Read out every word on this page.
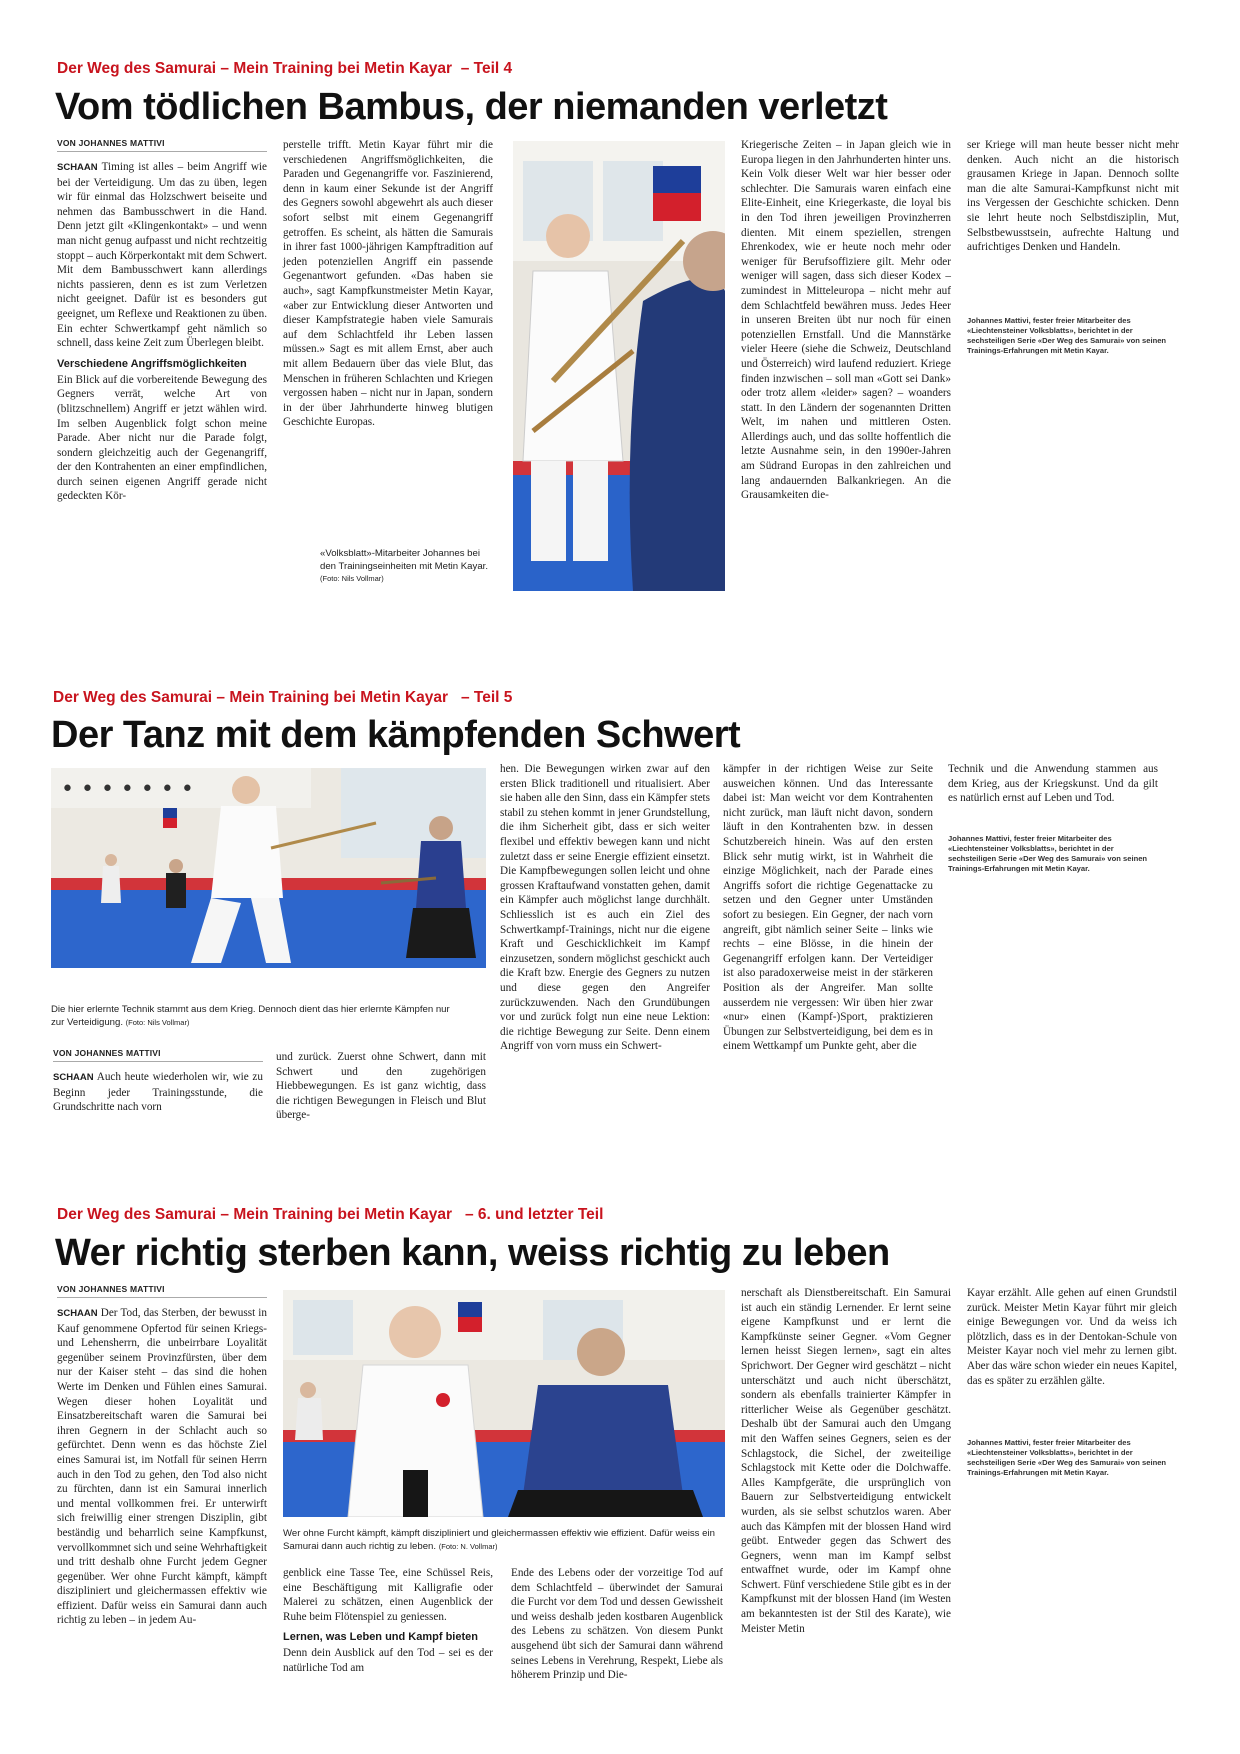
Der Weg des Samurai – Mein Training bei Metin Kayar – Teil 4
Vom tödlichen Bambus, der niemanden verletzt
VON JOHANNES MATTIVI

SCHAAN Timing ist alles – beim Angriff wie bei der Verteidigung. Um das zu üben, legen wir für einmal das Holzschwert beiseite und nehmen das Bambusschwert in die Hand. Denn jetzt gilt «Klingenkontakt» – und wenn man nicht genug aufpasst und nicht rechtzeitig stoppt – auch Körperkontakt mit dem Schwert. Mit dem Bambusschwert kann allerdings nichts passieren, denn es ist zum Verletzen nicht geeignet. Dafür ist es besonders gut geeignet, um Reflexe und Reaktionen zu üben. Ein echter Schwertkampf geht nämlich so schnell, dass keine Zeit zum Überlegen bleibt.

Verschiedene Angriffsmöglichkeiten

Ein Blick auf die vorbereitende Bewegung des Gegners verrät, welche Art von (blitzschnellem) Angriff er jetzt wählen wird. Im selben Augenblick folgt schon meine Parade. Aber nicht nur die Parade folgt, sondern gleichzeitig auch der Gegenangriff, der den Kontrahenten an einer empfindlichen, durch seinen eigenen Angriff gerade nicht gedeckten Kör-

perstelle trifft. Metin Kayar führt mir die verschiedenen Angriffsmöglichkeiten, die Paraden und Gegenangriffe vor. Faszinierend, denn in kaum einer Sekunde ist der Angriff des Gegners sowohl abgewehrt als auch dieser sofort selbst mit einem Gegenangriff getroffen. Es scheint, als hätten die Samurais in ihrer fast 1000-jährigen Kampftradition auf jeden potenziellen Angriff ein passende Gegenantwort gefunden. «Das haben sie auch», sagt Kampfkunstmeister Metin Kayar, «aber zur Entwicklung dieser Antworten und dieser Kampfstrategie haben viele Samurais auf dem Schlachtfeld ihr Leben lassen müssen.» Sagt es mit allem Ernst, aber auch mit allem Bedauern über das viele Blut, das Menschen in früheren Schlachten und Kriegen vergossen haben – nicht nur in Japan, sondern in der über Jahrhunderte hinweg blutigen Geschichte Europas.
«Volksblatt»-Mitarbeiter Johannes bei den Trainingseinheiten mit Metin Kayar. (Foto: Nils Vollmar)
Kriegerische Zeiten – in Japan gleich wie in Europa liegen in den Jahrhunderten hinter uns. Kein Volk dieser Welt war hier besser oder schlechter. Die Samurais waren einfach eine Elite-Einheit, eine Kriegerkaste, die loyal bis in den Tod ihren jeweiligen Provinzherren dienten. Mit einem speziellen, strengen Ehrenkodex, wie er heute noch mehr oder weniger für Berufsoffiziere gilt. Mehr oder weniger will sagen, dass sich dieser Kodex – zumindest in Mitteleuropa – nicht mehr auf dem Schlachtfeld bewähren muss. Jedes Heer in unseren Breiten übt nur noch für einen potenziellen Ernstfall. Und die Mannstärke vieler Heere (siehe die Schweiz, Deutschland und Österreich) wird laufend reduziert. Kriege finden inzwischen – soll man «Gott sei Dank» oder trotz allem «leider» sagen? – woanders statt. In den Ländern der sogenannten Dritten Welt, im nahen und mittleren Osten. Allerdings auch, und das sollte hoffentlich die letzte Ausnahme sein, in den 1990er-Jahren am Südrand Europas in den zahlreichen und lang andauernden Balkankriegen. An die Grausamkeiten die-
ser Kriege will man heute besser nicht mehr denken. Auch nicht an die historisch grausamen Kriege in Japan. Dennoch sollte man die alte Samurai-Kampfkunst nicht mit ins Vergessen der Geschichte schicken. Denn sie lehrt heute noch Selbstdisziplin, Mut, Selbstbewusstsein, aufrechte Haltung und aufrichtiges Denken und Handeln.
Johannes Mattivi, fester freier Mitarbeiter des «Liechtensteiner Volksblatts», berichtet in der sechsteiligen Serie «Der Weg des Samurai» von seinen Trainings-Erfahrungen mit Metin Kayar.
Der Weg des Samurai – Mein Training bei Metin Kayar – Teil 5
Der Tanz mit dem kämpfenden Schwert
• • • • • • •
Die hier erlernte Technik stammt aus dem Krieg. Dennoch dient das hier erlernte Kämpfen nur zur Verteidigung. (Foto: Nils Vollmar)
VON JOHANNES MATTIVI

SCHAAN Auch heute wiederholen wir, wie zu Beginn jeder Trainingsstunde, die Grundschritte nach vorn

und zurück. Zuerst ohne Schwert, dann mit Schwert und den zugehörigen Hiebbewegungen. Es ist ganz wichtig, dass die richtigen Bewegungen in Fleisch und Blut überge-
hen. Die Bewegungen wirken zwar auf den ersten Blick traditionell und ritualisiert. Aber sie haben alle den Sinn, dass ein Kämpfer stets stabil zu stehen kommt in jener Grundstellung, die ihm Sicherheit gibt, dass er sich weiter flexibel und effektiv bewegen kann und nicht zuletzt dass er seine Energie effizient einsetzt. Die Kampfbewegungen sollen leicht und ohne grossen Kraftaufwand vonstatten gehen, damit ein Kämpfer auch möglichst lange durchhält. Schliesslich ist es auch ein Ziel des Schwertkampf-Trainings, nicht nur die eigene Kraft und Geschicklichkeit im Kampf einzusetzen, sondern möglichst geschickt auch die Kraft bzw. Energie des Gegners zu nutzen und diese gegen den Angreifer zurückzuwenden. Nach den Grundübungen vor und zurück folgt nun eine neue Lektion: die richtige Bewegung zur Seite. Denn einem Angriff von vorn muss ein Schwert-
kämpfer in der richtigen Weise zur Seite ausweichen können. Und das Interessante dabei ist: Man weicht vor dem Kontrahenten nicht zurück, man läuft nicht davon, sondern läuft in den Kontrahenten bzw. in dessen Schutzbereich hinein. Was auf den ersten Blick sehr mutig wirkt, ist in Wahrheit die einzige Möglichkeit, nach der Parade eines Angriffs sofort die richtige Gegenattacke zu setzen und den Gegner unter Umständen sofort zu besiegen. Ein Gegner, der nach vorn angreift, gibt nämlich seiner Seite – links wie rechts – eine Blösse, in die hinein der Gegenangriff erfolgen kann. Der Verteidiger ist also paradoxerweise meist in der stärkeren Position als der Angreifer. Man sollte ausserdem nie vergessen: Wir üben hier zwar «nur» einen (Kampf-)Sport, praktizieren Übungen zur Selbstverteidigung, bei dem es in einem Wettkampf um Punkte geht, aber die
Technik und die Anwendung stammen aus dem Krieg, aus der Kriegskunst. Und da gilt es natürlich ernst auf Leben und Tod.
Johannes Mattivi, fester freier Mitarbeiter des «Liechtensteiner Volksblatts», berichtet in der sechsteiligen Serie «Der Weg des Samurai» von seinen Trainings-Erfahrungen mit Metin Kayar.
Der Weg des Samurai – Mein Training bei Metin Kayar – 6. und letzter Teil
Wer richtig sterben kann, weiss richtig zu leben
VON JOHANNES MATTIVI

SCHAAN Der Tod, das Sterben, der bewusst in Kauf genommene Opfertod für seinen Kriegs- und Lehensherrn, die unbeirrbare Loyalität gegenüber seinem Provinzfürsten, über dem nur der Kaiser steht – das sind die hohen Werte im Denken und Fühlen eines Samurai. Wegen dieser hohen Loyalität und Einsatzbereitschaft waren die Samurai bei ihren Gegnern in der Schlacht auch so gefürchtet. Denn wenn es das höchste Ziel eines Samurai ist, im Notfall für seinen Herrn auch in den Tod zu gehen, den Tod also nicht zu fürchten, dann ist ein Samurai innerlich und mental vollkommen frei. Er unterwirft sich freiwillig einer strengen Disziplin, gibt beständig und beharrlich seine Kampfkunst, vervollkommnet sich und seine Wehrhaftigkeit und tritt deshalb ohne Furcht jedem Gegner gegenüber. Wer ohne Furcht kämpft, kämpft diszipliniert und gleichermassen effektiv wie effizient. Dafür weiss ein Samurai dann auch richtig zu leben – in jedem Au-

Wer ohne Furcht kämpft, kämpft diszipliniert und gleichermassen effektiv wie effizient. Dafür weiss ein Samurai dann auch richtig zu leben. (Foto: N. Vollmar)
genblick eine Tasse Tee, eine Schüssel Reis, eine Beschäftigung mit Kalligrafie oder Malerei zu schätzen, einen Augenblick der Ruhe beim Flötenspiel zu geniessen.
Lernen, was Leben und Kampf bieten
Denn dein Ausblick auf den Tod – sei es der natürliche Tod am
Ende des Lebens oder der vorzeitige Tod auf dem Schlachtfeld – überwindet der Samurai die Furcht vor dem Tod und dessen Gewissheit und weiss deshalb jeden kostbaren Augenblick des Lebens zu schätzen. Von diesem Punkt ausgehend übt sich der Samurai dann während seines Lebens in Verehrung, Respekt, Liebe als höherem Prinzip und Die-
nerschaft als Dienstbereitschaft. Ein Samurai ist auch ein ständig Lernender. Er lernt seine eigene Kampfkunst und er lernt die Kampfkünste seiner Gegner. «Vom Gegner lernen heisst Siegen lernen», sagt ein altes Sprichwort. Der Gegner wird geschätzt – nicht unterschätzt und auch nicht überschätzt, sondern als ebenfalls trainierter Kämpfer in ritterlicher Weise als Gegenüber geschätzt. Deshalb übt der Samurai auch den Umgang mit den Waffen seines Gegners, seien es der Schlagstock, die Sichel, der zweiteilige Schlagstock mit Kette oder die Dolchwaffe. Alles Kampfgeräte, die ursprünglich von Bauern zur Selbstverteidigung entwickelt wurden, als sie selbst schutzlos waren. Aber auch das Kämpfen mit der blossen Hand wird geübt. Entweder gegen das Schwert des Gegners, wenn man im Kampf selbst entwaffnet wurde, oder im Kampf ohne Schwert. Fünf verschiedene Stile gibt es in der Kampfkunst mit der blossen Hand (im Westen am bekanntesten ist der Stil des Karate), wie Meister Metin
Kayar erzählt. Alle gehen auf einen Grundstil zurück. Meister Metin Kayar führt mir gleich einige Bewegungen vor. Und da weiss ich plötzlich, dass es in der Dentokan-Schule von Meister Kayar noch viel mehr zu lernen gibt. Aber das wäre schon wieder ein neues Kapitel, das es später zu erzählen gälte.
Johannes Mattivi, fester freier Mitarbeiter des «Liechtensteiner Volksblatts», berichtet in der sechsteiligen Serie «Der Weg des Samurai» von seinen Trainings-Erfahrungen mit Metin Kayar.
